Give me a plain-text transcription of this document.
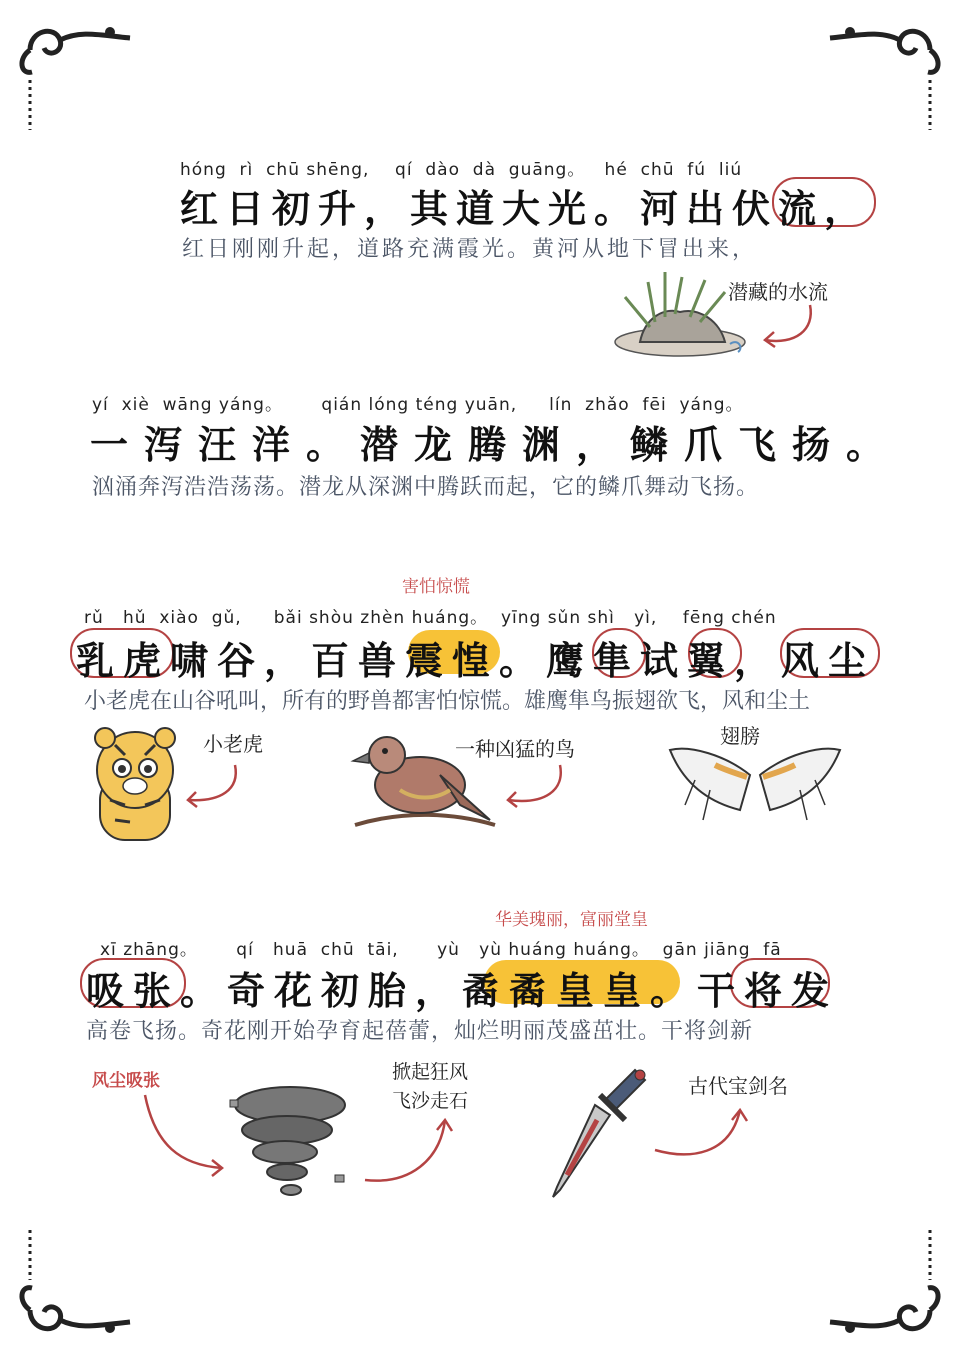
hóng  rì  chū shēng,    qí  dào  dà  guāng。   hé  chū  fú  liú
红日初升，其道大光。河出伏流，
红日刚刚升起，道路充满霞光。黄河从地下冒出来，
潜藏的水流
yí  xiè  wāng yáng。      qián lóng téng yuān,     lín  zhǎo  fēi  yáng。
一泻汪洋。潜龙腾渊，鳞爪飞扬。
汹涌奔泻浩浩荡荡。潜龙从深渊中腾跃而起，它的鳞爪舞动飞扬。
害怕惊慌
rǔ   hǔ  xiào  gǔ,     bǎi shòu zhèn huáng。  yīng sǔn shì   yì,    fēng chén
乳虎啸谷，百兽震惶。鹰隼试翼，风尘
小老虎在山谷吼叫，所有的野兽都害怕惊慌。雄鹰隼鸟振翅欲飞，风和尘土
小老虎	一种凶猛的鸟
翅膀
华美瑰丽，富丽堂皇
xī zhāng。      qí   huā  chū  tāi,      yù   yù huáng huáng。  gān jiāng  fā
吸张。奇花初胎，矞矞皇皇。干将发
高卷飞扬。奇花刚开始孕育起蓓蕾，灿烂明丽茂盛茁壮。干将剑新
风尘吸张	掀起狂风
飞沙走石
古代宝剑名
